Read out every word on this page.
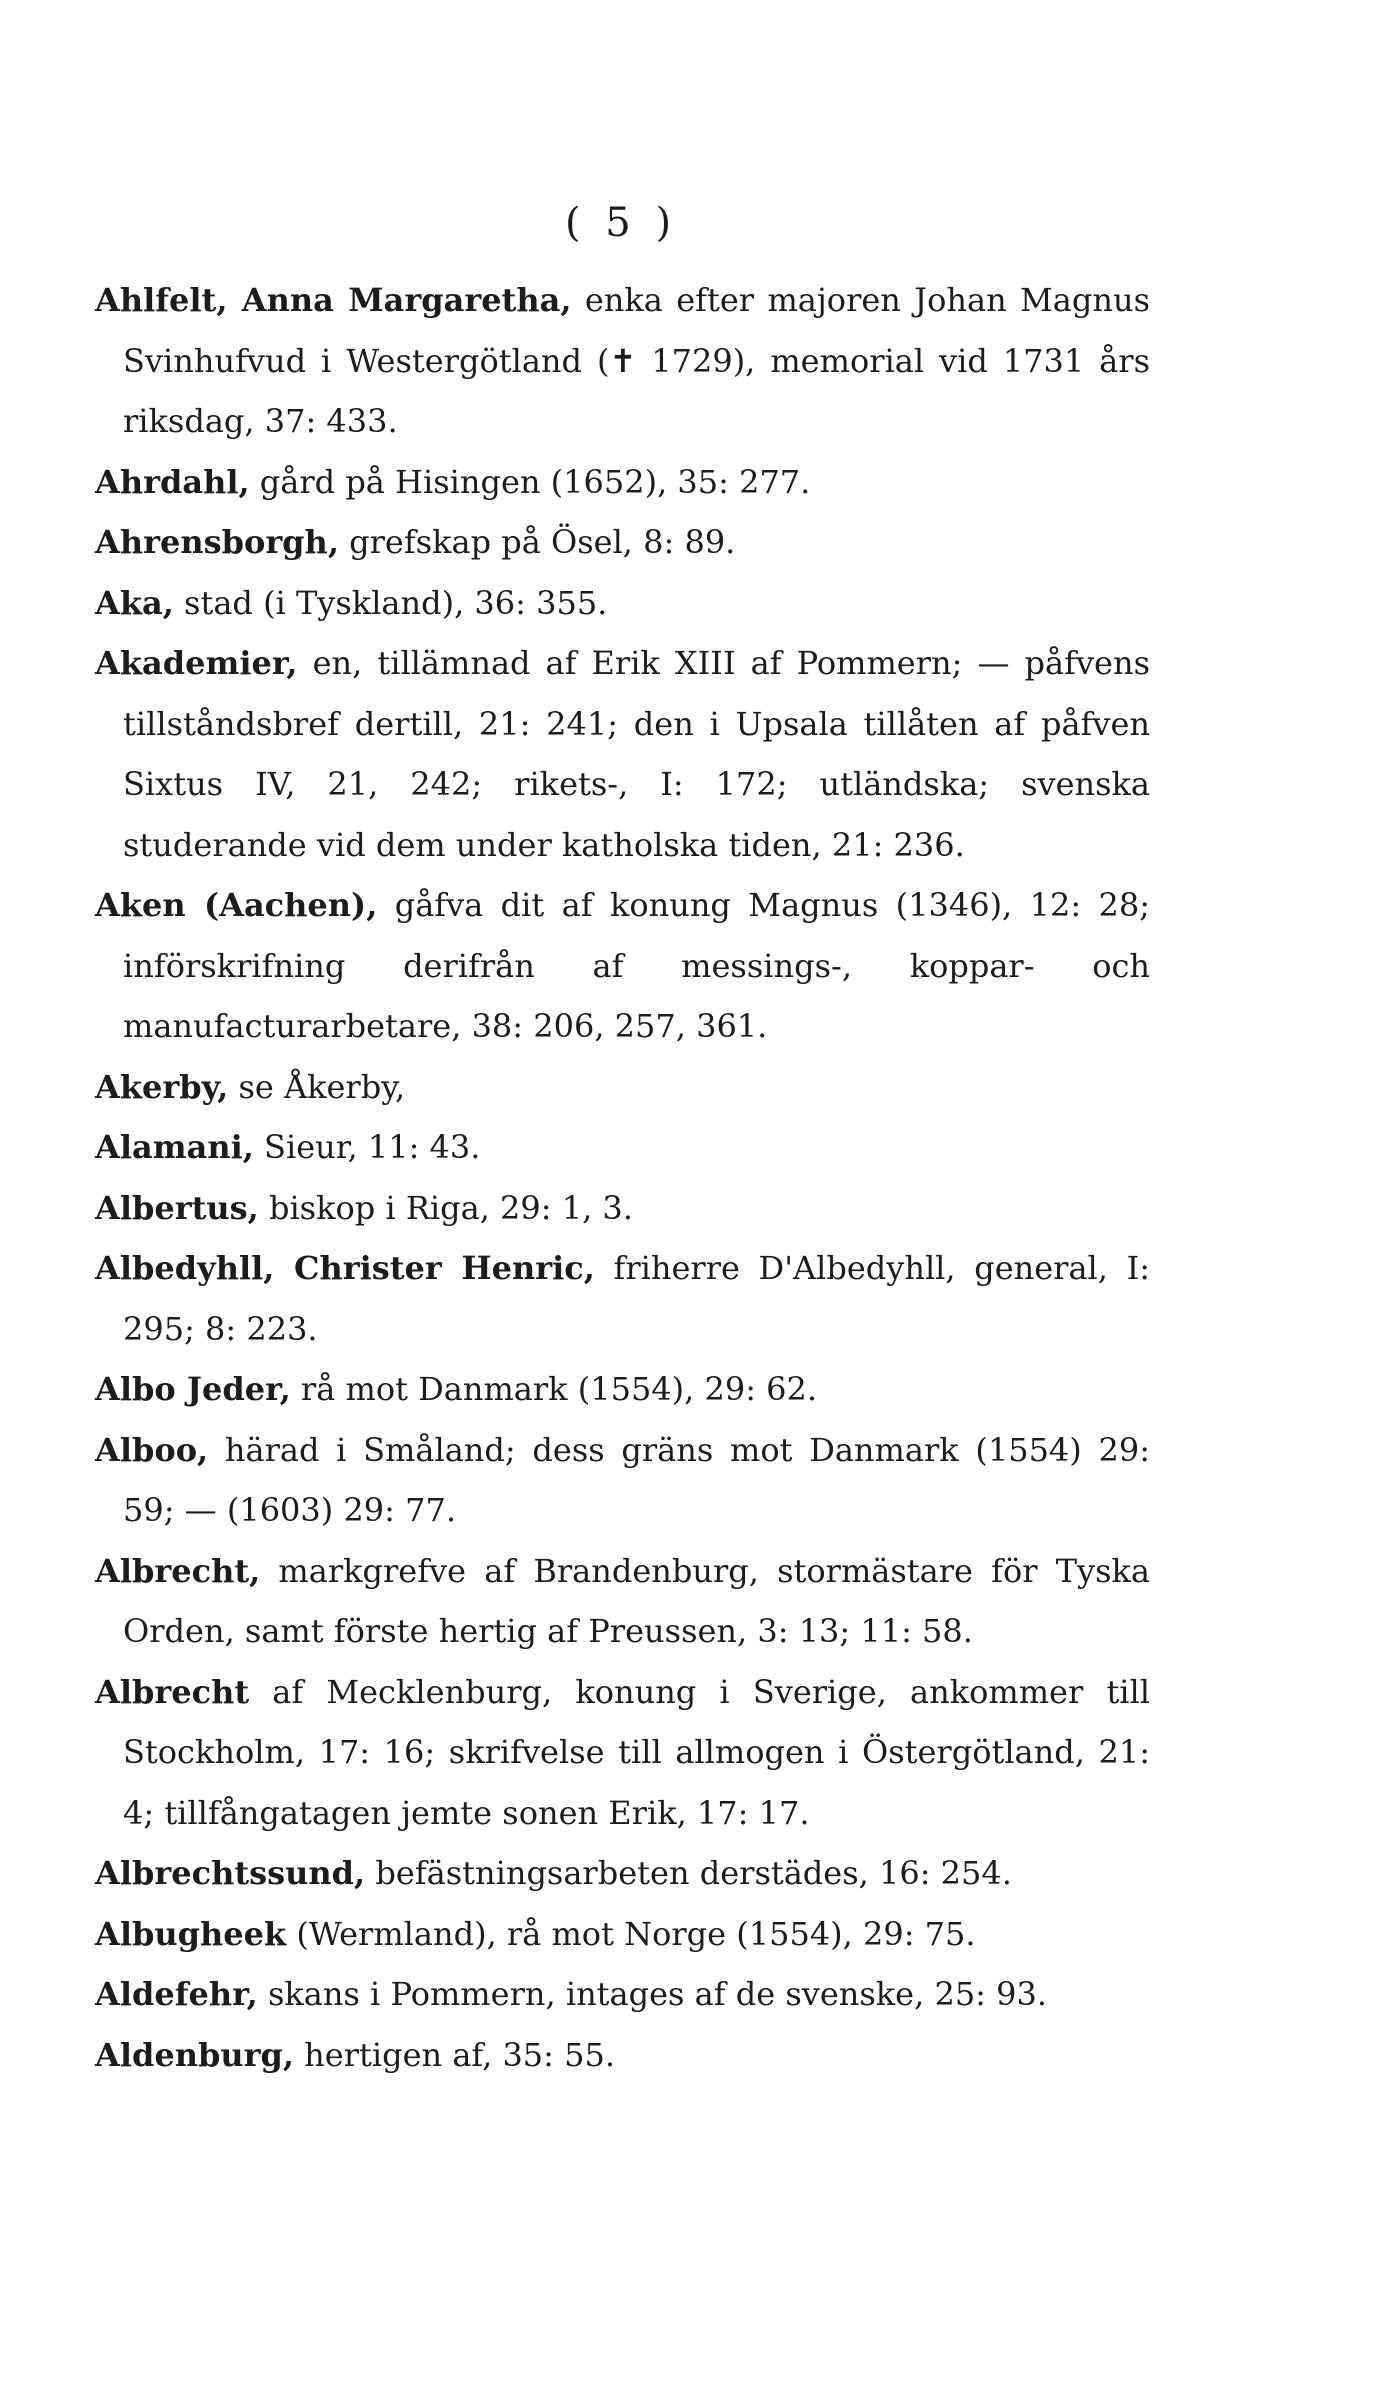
( 5 )

Ahlfelt, Anna Margaretha, enka efter majoren Johan Magnus Svinhufvud i Westergötland (✝ 1729), memorial vid 1731 års riksdag, 37: 433.

Ahrdahl, gård på Hisingen (1652), 35: 277.

Ahrensborgh, grefskap på Ösel, 8: 89.

Aka, stad (i Tyskland), 36: 355.

Akademier, en, tillämnad af Erik XIII af Pommern; — påfvens tillståndsbref dertill, 21: 241; den i Upsala tillåten af påfven Sixtus IV, 21, 242; rikets-, I: 172; utländska; svenska studerande vid dem under katholska tiden, 21: 236.

Aken (Aachen), gåfva dit af konung Magnus (1346), 12: 28; införskrifning derifrån af messings-, koppar- och manufacturarbetare, 38: 206, 257, 361.

Akerby, se Åkerby,

Alamani, Sieur, 11: 43.

Albertus, biskop i Riga, 29: 1, 3.

Albedyhll, Christer Henric, friherre D'Albedyhll, general, I: 295; 8: 223.

Albo Jeder, rå mot Danmark (1554), 29: 62.

Alboo, härad i Småland; dess gräns mot Danmark (1554) 29: 59; — (1603) 29: 77.

Albrecht, markgrefve af Brandenburg, stormästare för Tyska Orden, samt förste hertig af Preussen, 3: 13; 11: 58.

Albrecht af Mecklenburg, konung i Sverige, ankommer till Stockholm, 17: 16; skrifvelse till allmogen i Östergötland, 21: 4; tillfångatagen jemte sonen Erik, 17: 17.

Albrechtssund, befästningsarbeten derstädes, 16: 254.

Albugheek (Wermland), rå mot Norge (1554), 29: 75.

Aldefehr, skans i Pommern, intages af de svenske, 25: 93.

Aldenburg, hertigen af, 35: 55.
